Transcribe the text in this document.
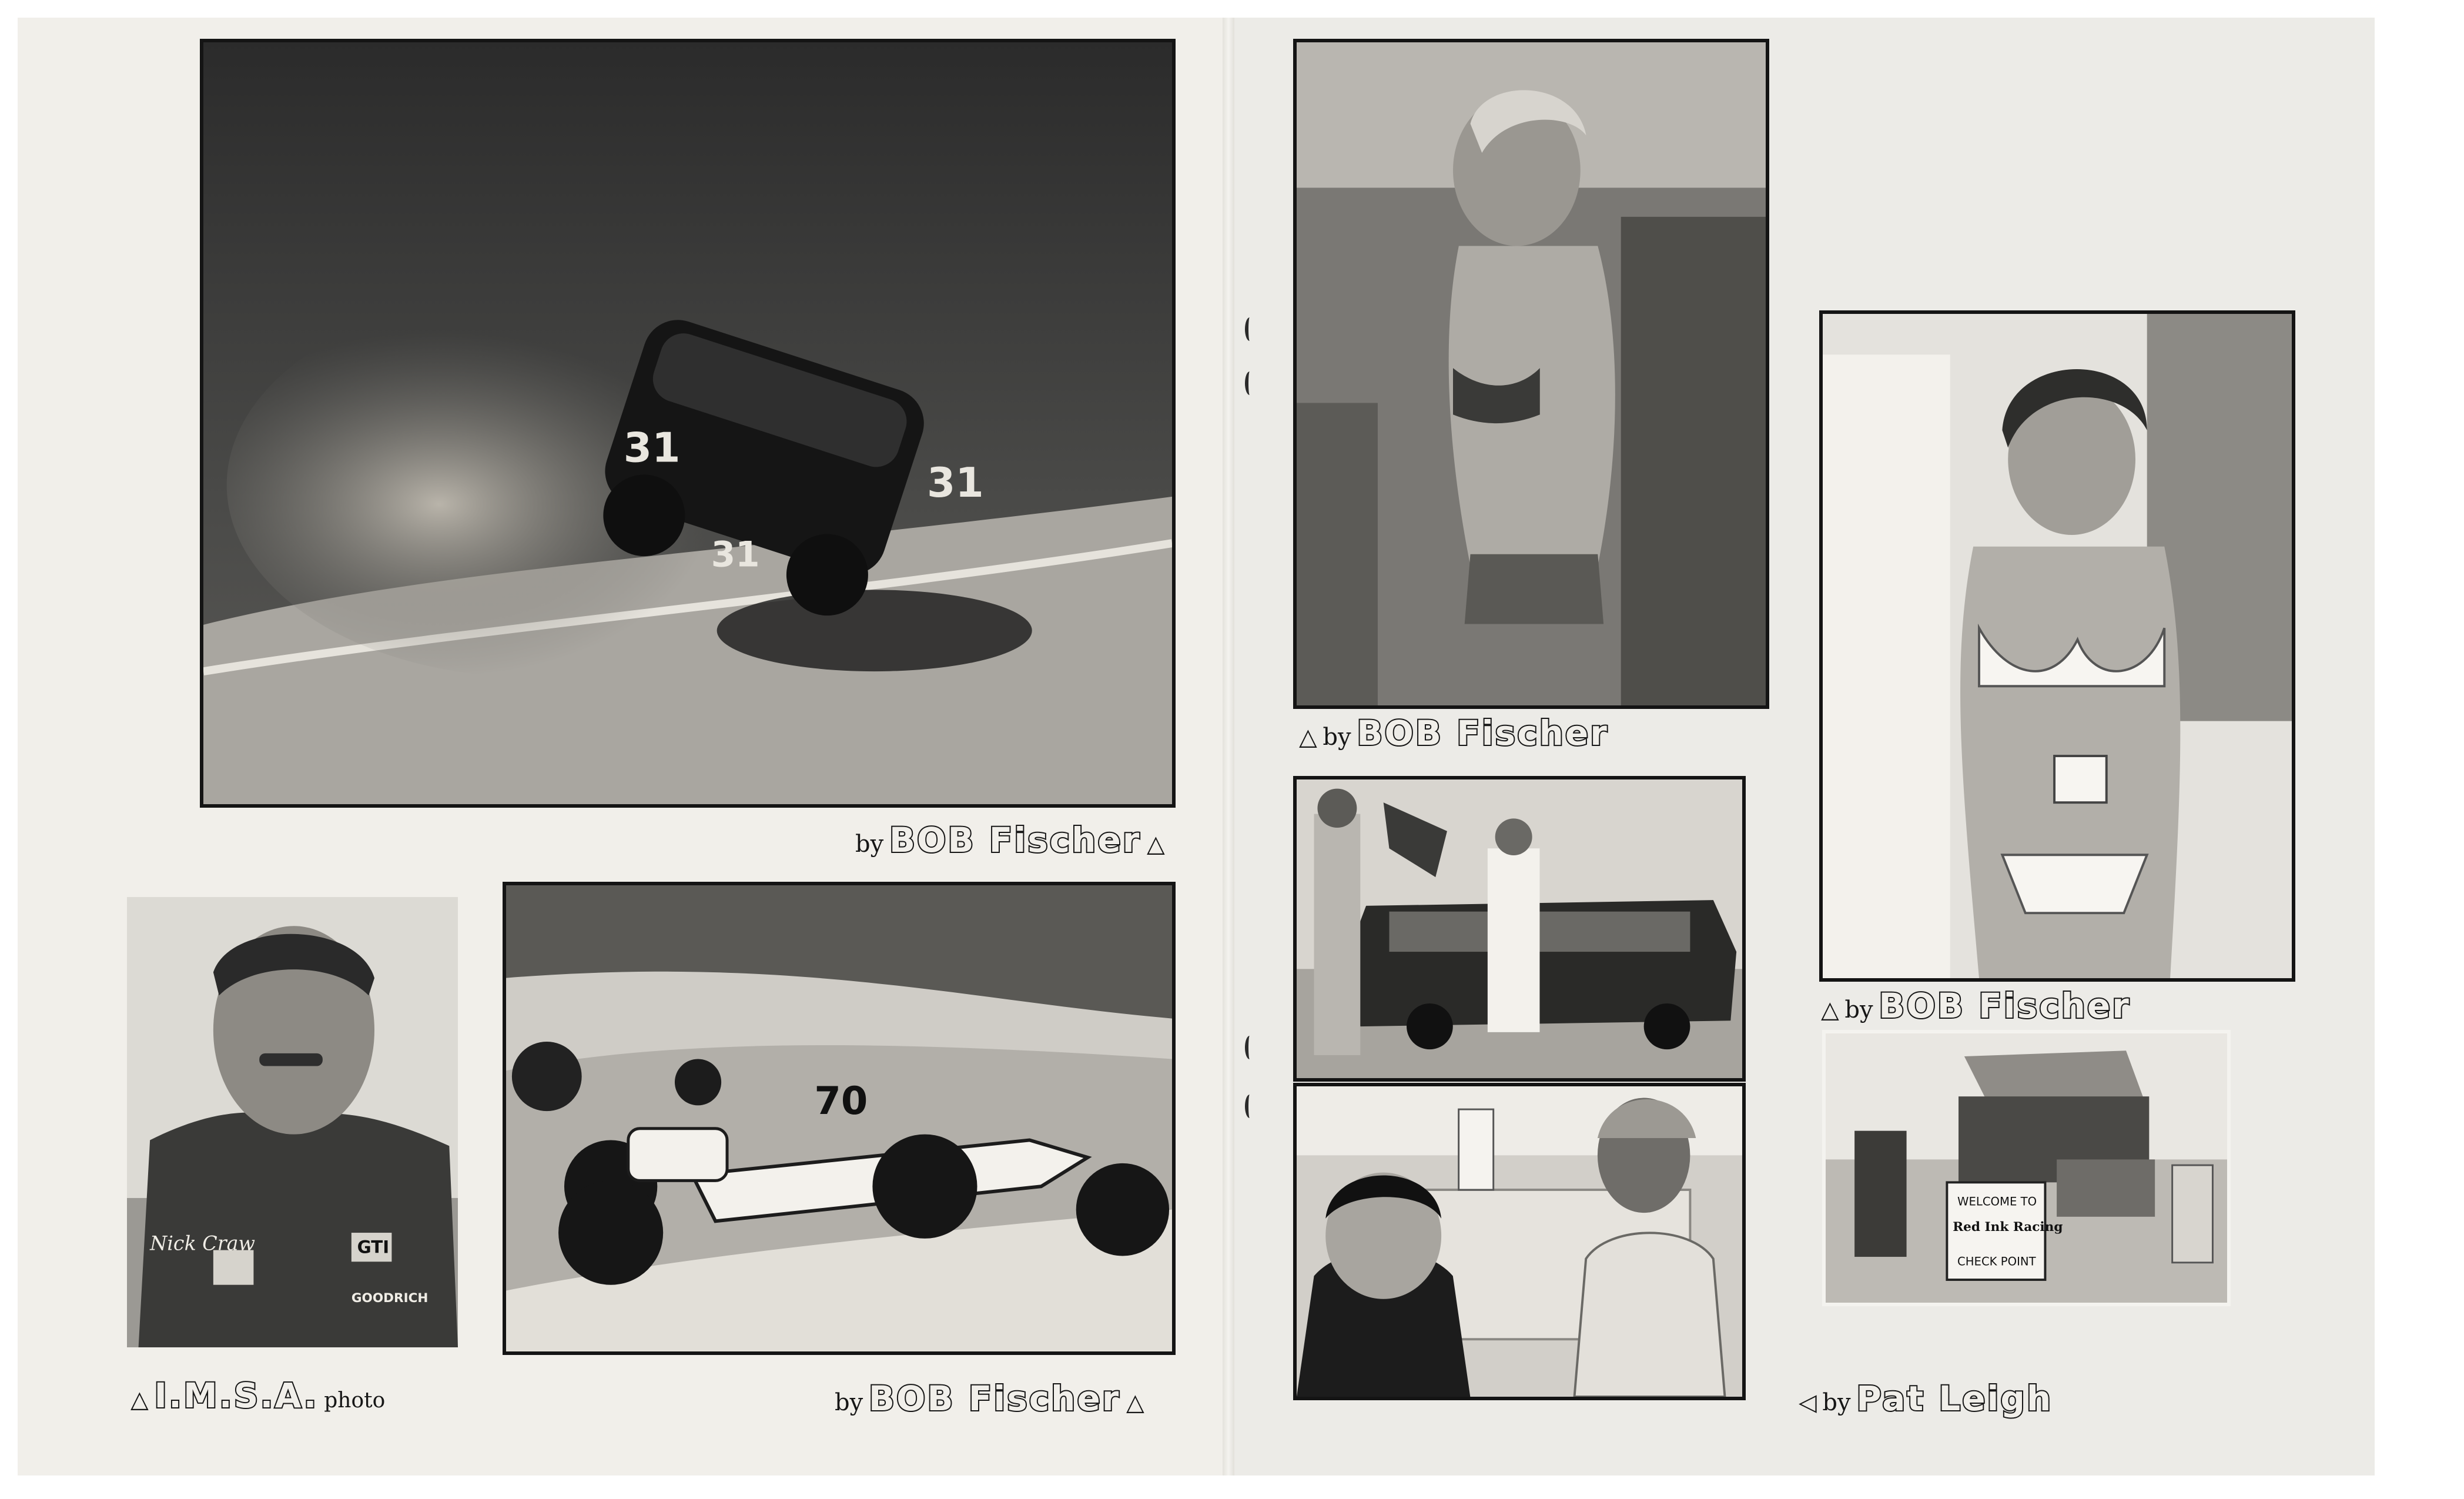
31
31
31
by BOB Fischer △
Nick Craw	GTI
GOODRICH
△ I.M.S.A. photo
70
by BOB Fischer △
△ by BOB Fischer
△ by BOB Fischer
WELCOME TO
Red Ink Racing
CHECK POINT
◁ by Pat Leigh
